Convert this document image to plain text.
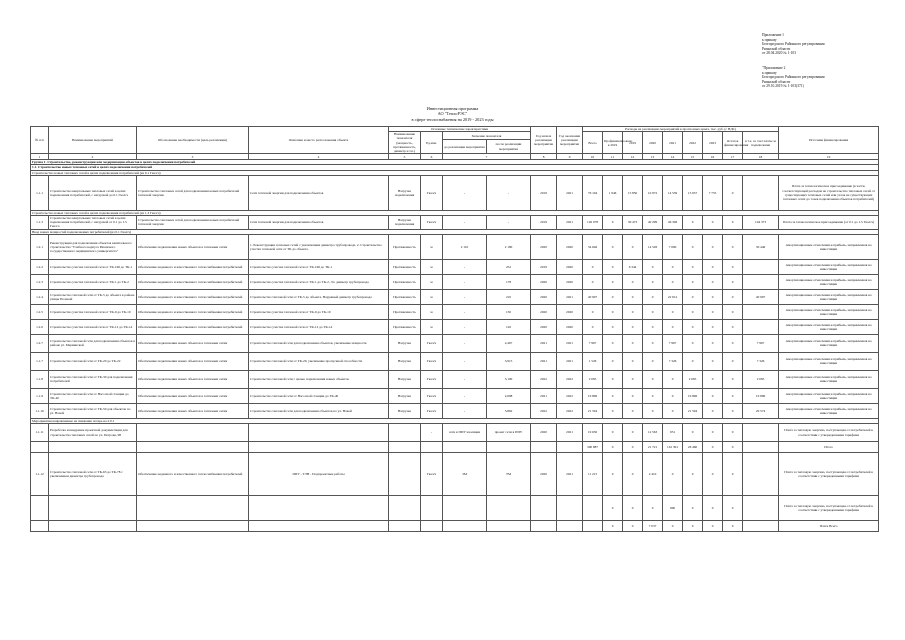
Приложение 1
к приказу
Белгородского Районного регулирования
Рязанской области
от 28.04.2020 № 1-103
"Приложение 2
к приказу
Белгородского Районного регулирования
Рязанской области
от 29.10.2019 № 1-103(371)
Инвестиционная программа
АО "ТеплоРЭС"
в сфере теплоснабжения на 2019 - 2023 годы
№ п/п	Наименование мероприятий	Обоснование необходимости (цель реализации)	Описание и место расположения объекта	Основные технические характеристики				Год начала реализации мероприятия	Год окончания реализации мероприятия	Расходы на реализацию мероприятий в прогнозных ценах, тыс. руб. (с НДС)									Источник финансирования
				Наименование показателя (мощность, протяженность, диаметр и т.п.)	Ед.изм.	Значение показателя				Всего	Профинансировано к 2019	2019	2020	2021	2022	2023	Остаток финансирования	в т.ч. за счет платы за подключение	
						до реализации мероприятия	после реализации мероприятия												
1	2	3	4	5	6	7		8	9	10	11	12	13	14	15	16	17	18	19
Группа 1. Строительство, реконструкция или модернизация объектов в целях подключения потребителей																			
1.1. Строительство новых тепловых сетей в целях подключения потребителей																			
Строительство новых тепловых сетей в целях подключения потребителей (из 0.1 Гкал/ч)																			
1.1.1	Строительство квартальных тепловых сетей в целях подключения потребителей, с нагрузкой до 0.1 Гкал/ч	Строительство тепловых сетей для подключения новых потребителей тепловой энергии	Сети тепловой энергии для подключения объектов	Нагрузка подключения	Гкал/ч	-	-	2019	2021	76 194	1 946	15 850	10 972	14 539	15 657	7 755	0		Плата за технологическое присоединение (в части, соответствующей расходам на строительство тепловых сетей от существующих тепловых сетей или узлов на существующих тепловых сетях до точек подключения объектов потребителей)
Строительство новых тепловых сетей в целях подключения потребителей (из 1.3 Гкал/ч)																			
1.1.3	Строительство квартальных тепловых сетей в целях подключения потребителей, с нагрузкой от 0.1 до 1.5 Гкал/ч	Строительство тепловых сетей для подключения новых потребителей тепловой энергии	Сети тепловой энергии для подключения объектов	Нагрузка подключения	Гкал/ч	-	-	2019	2021	126 078	0	39 473	40 299	46 306	0	0	0	104 373	Плата за технологическое присоединение (от 0.1 до 1.5 Гкал/ч)
Ввод новых мощностей подключаемых потребителей (из 0.1 Гкал/ч)																			
1.2.1	Реконструкция для подключения объектов капитального строительства "Учебного корпуса Рязанского государственного медицинского университета"	Обеспечение подключения новых объектов к тепловым сетям	1. Реконструкция тепловых сетей с увеличением диаметра трубопровода. 2. Строительство участка тепловой сети от ТК до объекта.	Протяженность	м	2 110	2 180	2020	2020	34 646	0	0	14 526	7 690	0	0	0	30 446	Амортизационные отчисления и прибыль, направленная на инвестиции
1.2.2	Строительство участка тепловой сети от ТК-196 до ТК-1	Обеспечение надежного и качественного теплоснабжения потребителей	Строительство участка тепловой сети от ТК-196 до ТК-1	Протяженность	м	-	252	2019	2020	0	0	6 344	0	0	0	0	0		Амортизационные отчисления и прибыль, направленная на инвестиции
1.2.3	Строительство участка тепловой сети от ТК-1 до ТК-2	Обеспечение надежного и качественного теплоснабжения потребителей	Строительство участка тепловой сети от ТК-1 до ТК-2, Эл. диаметр трубопровода	Протяженность	м	-	178	2020	2020	0	0	0	0	0	0	0	0		Амортизационные отчисления и прибыль, направленная на инвестиции
1.2.4	Строительство тепловой сети от ТК-5 до объекта в районе улицы Полевой	Обеспечение надежного и качественного теплоснабжения потребителей	Строительство тепловой сети от ТК-5 до объекта, Наружный диаметр трубопровода	Протяженность	м	-	210	2020	2021	40 907	0	0	0	22 612	0	0	0	40 907	Амортизационные отчисления и прибыль, направленная на инвестиции
1.2.5	Строительство участка тепловой сети от ТК-9 до ТК-10	Обеспечение надежного и качественного теплоснабжения потребителей	Строительство участка тепловой сети от ТК-9 до ТК-10	Протяженность	м	-	150	2020	2020	0	0	0	0	0	0	0	0		Амортизационные отчисления и прибыль, направленная на инвестиции
1.2.6	Строительство участка тепловой сети от ТК-12 до ТК-14	Обеспечение надежного и качественного теплоснабжения потребителей	Строительство участка тепловой сети от ТК-12 до ТК-14	Протяженность	м	-	120	2020	2020	0	0	0	0	0	0	0	0		Амортизационные отчисления и прибыль, направленная на инвестиции
1.2.7	Строительство тепловой сети для подключения объектов в районе ул. Мервинской	Обеспечение подключения новых объектов к тепловым сетям	Строительство тепловой сети для подключения объектов, увеличение мощности	Нагрузка	Гкал/ч	-	2,467	2021	2021	7 967	0	0	0	7 967	0	0	0	7 967	Амортизационные отчисления и прибыль, направленная на инвестиции
1.1.7	Строительство тепловой сети от ТК-20 до ТК-22	Обеспечение подключения новых объектов к тепловым сетям	Строительство тепловой сети от ТК-20, увеличение пропускной способности	Нагрузка	Гкал/ч	-	3,915	2021	2021	1 526	0	0	0	7 326	0	0	0	7 326	Амортизационные отчисления и прибыль, направленная на инвестиции
1.1.8	Строительство тепловой сети от ТК-30 для подключения потребителей	Обеспечение подключения новых объектов к тепловым сетям	Строительство тепловой сети с целью подключения новых объектов	Нагрузка	Гкал/ч	-	3,190	2022	2022	2 065	0	0	0	0	2 065	0	0	2 065	Амортизационные отчисления и прибыль, направленная на инвестиции
1.1.9	Строительство тепловой сети от Насосной станции до ТК-40	Обеспечение подключения новых объектов к тепловым сетям	Строительство тепловой сети от Насосной станции до ТК-40	Нагрузка	Гкал/ч	-	2,698	2021	2022	19 896	0	0	0	0	19 896	0	0	19 896	Амортизационные отчисления и прибыль, направленная на инвестиции
1.1.10	Строительство тепловой сети от ТК-50 для объектов по ул. Новой	Обеспечение подключения новых объектов к тепловым сетям	Строительство тепловой сети для подключения объектов по ул. Новой	Нагрузка	Гкал/ч	-	3,862	2022	2022	21 594	0	0	0	0	21 594	0	0	20 574	Амортизационные отчисления и прибыль, направленная на инвестиции
Мероприятия направленные на снижение потерь на 2.0.1																			
1.1.11	Разработка и внедрение проектной документации для строительства тепловых сетей по ул. Петрова, 98				-	сети в ППУ изоляции	проект сети в ППУ	2020	2021	19 630	0	0	12 563	951	0	0	0		Плата за тепловую энергию, поступающая от потребителей в соответствии с утвержденными тарифами
										300 887	0	0	21 721	161 391	26 460	0	0		Итого
1.1.12	Строительство тепловой сети от ТК-63 до ТК-78 с увеличением диаметра трубопровода	Обеспечение надежного и качественного теплоснабжения потребителей	ППУ - ТЭН - Подпроектные работы		Гкал/ч	3М	ТМ	2020	2021	11 215	0	0	2 410	0	0	0	0		Плата за тепловую энергию, поступающая от потребителей в соответствии с утвержденными тарифами
											0	0	0	990	0	0	0		Плата за тепловую энергию, поступающая от потребителей в соответствии с утвержденными тарифами
											0	0	7 037	0	0	0	0		Плата Всего
